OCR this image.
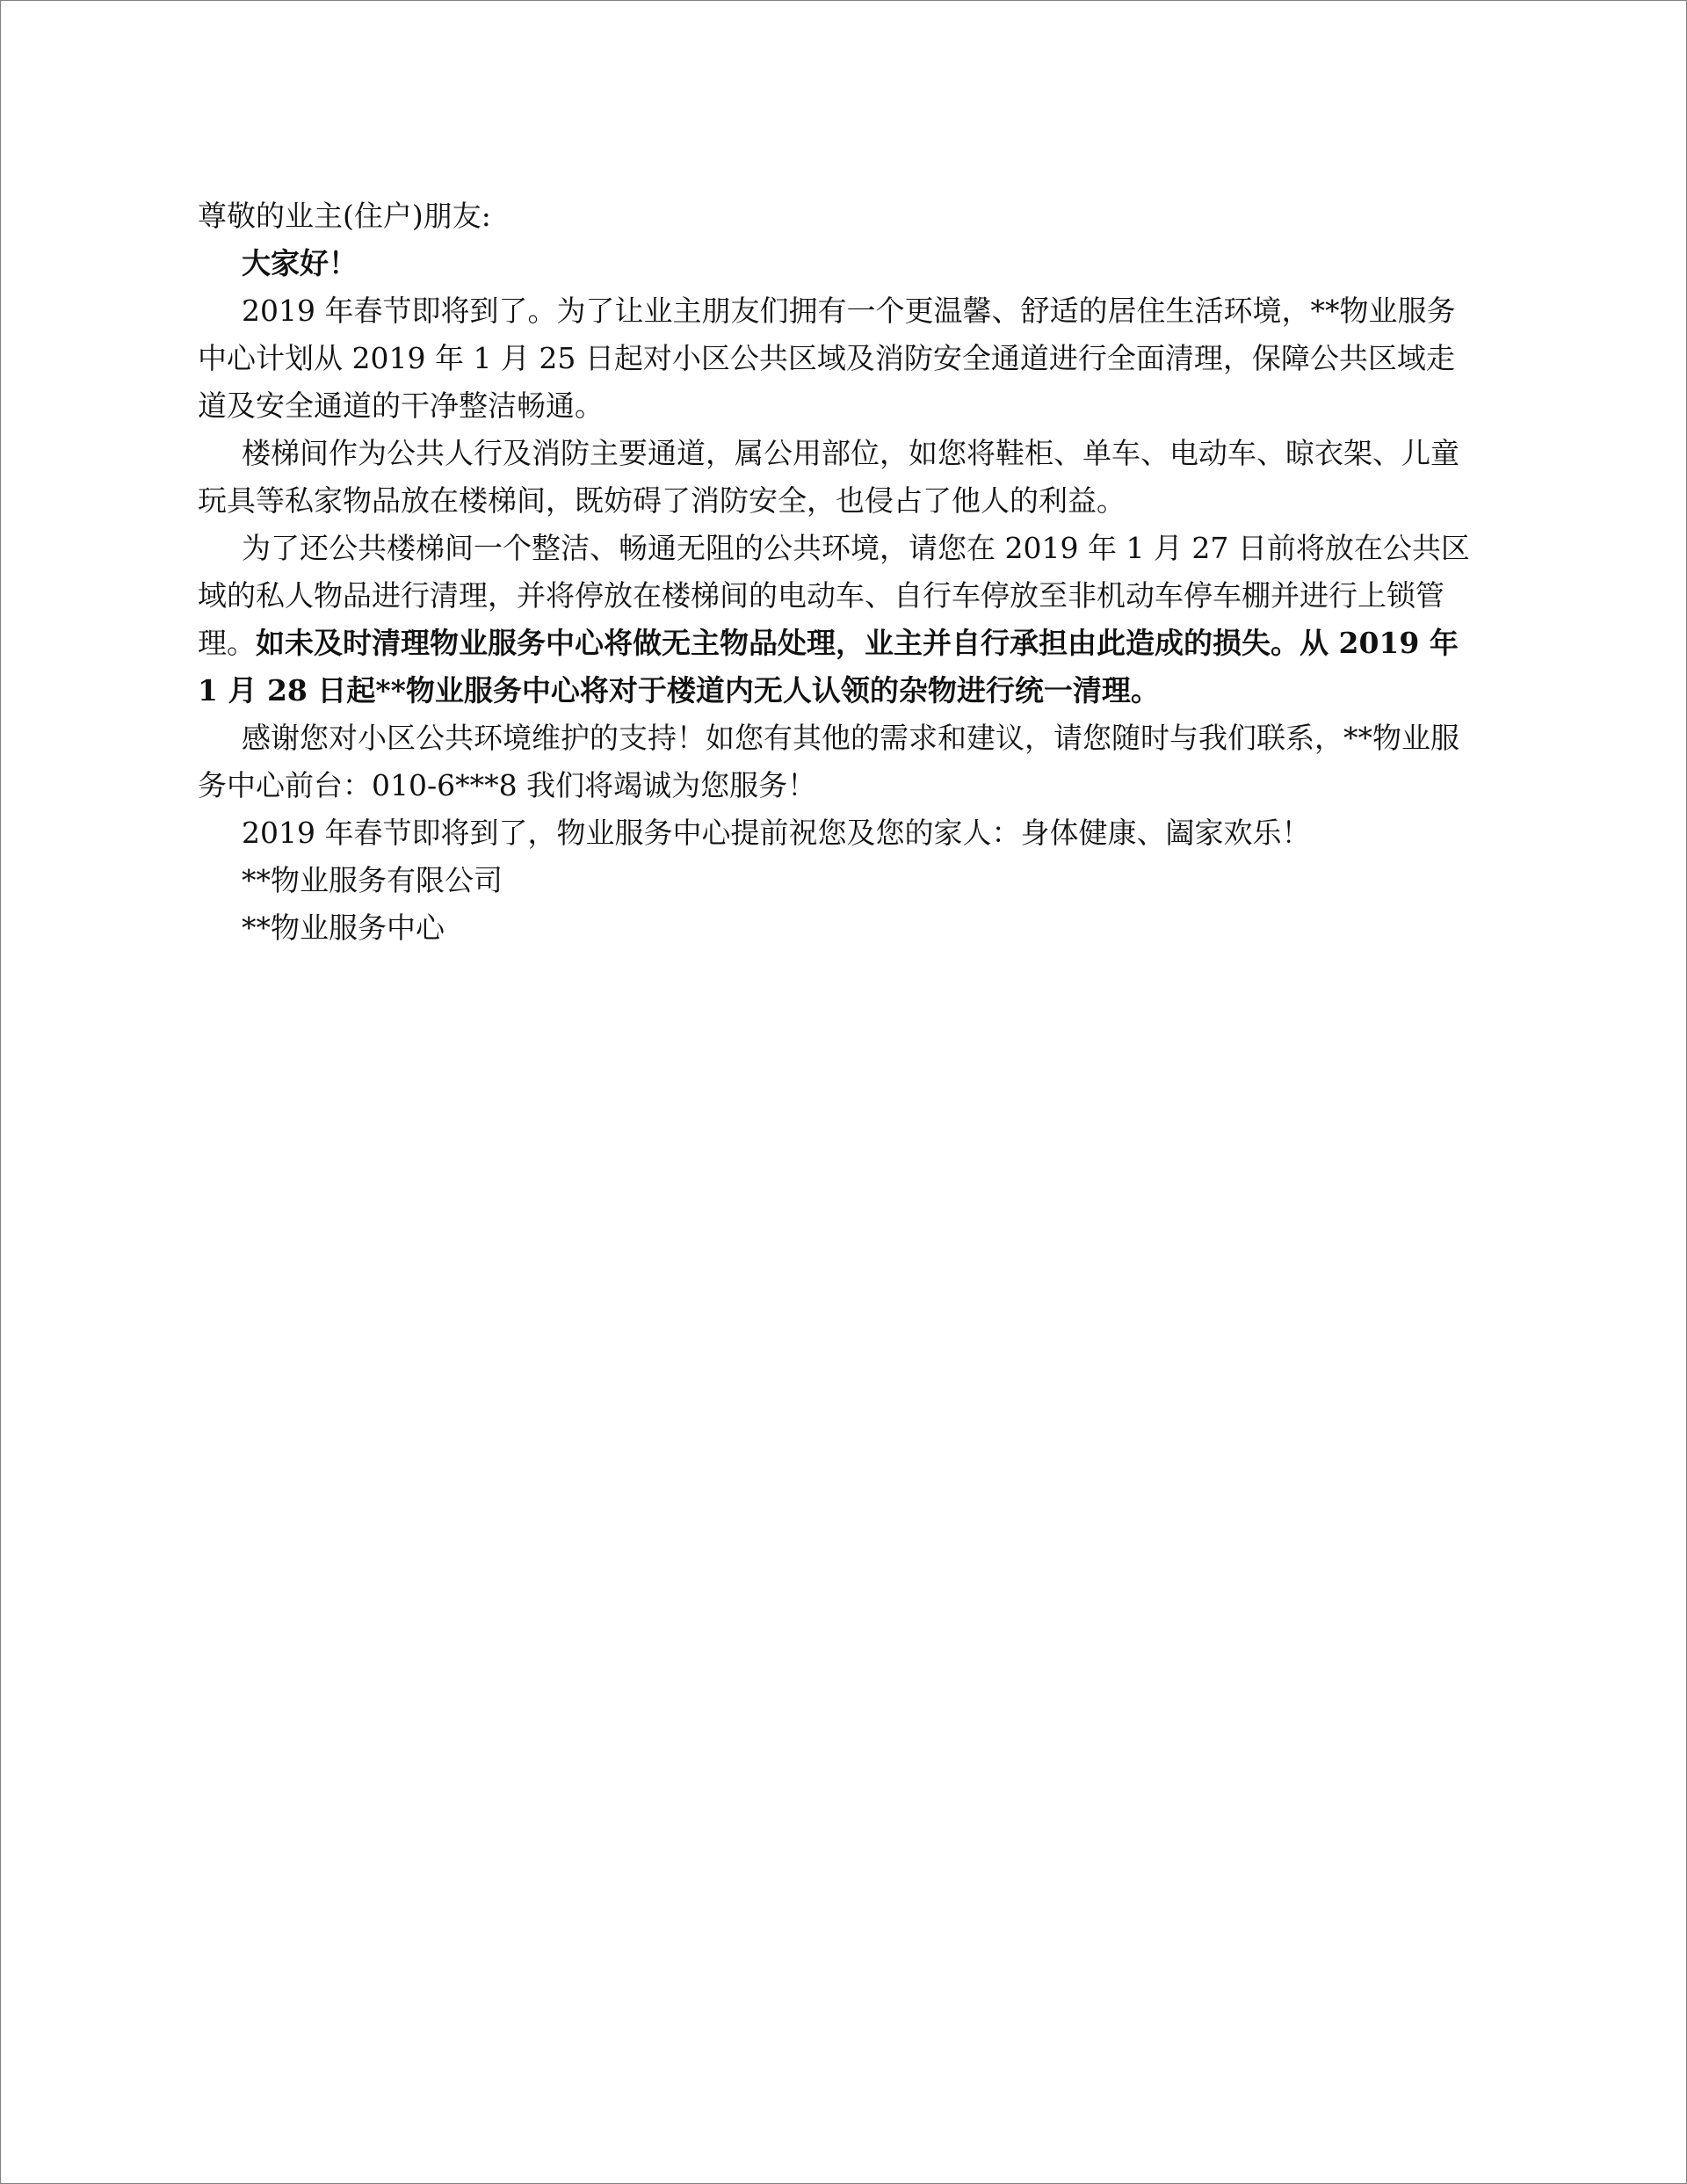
尊敬的业主(住户)朋友:

大家好！

2019 年春节即将到了。为了让业主朋友们拥有一个更温馨、舒适的居住生活环境，**物业服务中心计划从 2019 年 1 月 25 日起对小区公共区域及消防安全通道进行全面清理，保障公共区域走道及安全通道的干净整洁畅通。

楼梯间作为公共人行及消防主要通道，属公用部位，如您将鞋柜、单车、电动车、晾衣架、儿童玩具等私家物品放在楼梯间，既妨碍了消防安全，也侵占了他人的利益。

为了还公共楼梯间一个整洁、畅通无阻的公共环境，请您在 2019 年 1 月 27 日前将放在公共区域的私人物品进行清理，并将停放在楼梯间的电动车、自行车停放至非机动车停车棚并进行上锁管理。如未及时清理物业服务中心将做无主物品处理，业主并自行承担由此造成的损失。从 2019 年 1 月 28 日起**物业服务中心将对于楼道内无人认领的杂物进行统一清理。

感谢您对小区公共环境维护的支持！如您有其他的需求和建议，请您随时与我们联系，**物业服务中心前台：010-6***8 我们将竭诚为您服务！

2019 年春节即将到了，物业服务中心提前祝您及您的家人：身体健康、阖家欢乐！

**物业服务有限公司

**物业服务中心
